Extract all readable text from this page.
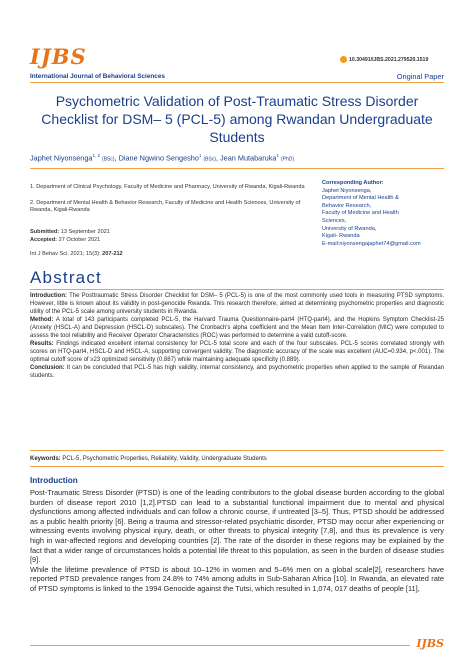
IJBS	10.30491/IJBS.2021.279520.1519
International Journal of Behavioral Sciences	Original Paper
Psychometric Validation of Post-Traumatic Stress Disorder Checklist for DSM– 5 (PCL-5) among Rwandan Undergraduate Students
Japhet Niyonsenga$^{1, 2}$ (BSc), Diane Ngwino Sengesho$^1$ (BSc), Jean Mutabaruka$^1$ (PhD)
1. Department of Clinical Psychology, Faculty of Medicine and Pharmacy, University of Rwanda, Kigali-Rwanda
2. Department of Mental Health & Behavior Research, Faculty of Medicine and Health Sciences, University of Rwanda, Kigali-Rwanda
Submitted: 13 September 2021
Accepted: 27 October 2021
Int J Behav Sci. 2021; 15(3): 207-212
Corresponding Author:
Japhet Niyonsenga,
Department of Mental Health &
Behavior Research,
Faculty of Medicine and Health
Sciences,
University of Rwanda,
Kigali- Rwanda
E-mail:niyonsengajaphet74@gmail.com
Abstract

Introduction: The Posttraumatic Stress Disorder Checklist for DSM– 5 (PCL-5) is one of the most commonly used tools in measuring PTSD symptoms. However, little is known about its validity in post-genocide Rwanda. This research therefore, aimed at determining psychometric properties and diagnostic utility of the PCL-5 scale among university students in Rwanda.

Method: A total of 143 participants completed PCL-5, the Harvard Trauma Questionnaire-part4 (HTQ-part4), and the Hopkins Symptom Checklist-25 (Anxiety (HSCL-A) and Depression (HSCL-D) subscales). The Cronbach's alpha coefficient and the Mean Item Inter-Correlation (MIC) were computed to assess the tool reliability and Receiver Operator Characteristics (ROC) was performed to determine a valid cutoff-score.

Results: Findings indicated excellent internal consistency for PCL-5 total score and each of the four subscales. PCL-5 scores correlated strongly with scores on HTQ-part4, HSCL-D and HSCL-A, supporting convergent validity. The diagnostic accuracy of the scale was excellent (AUC=0.934, p<.001). The optimal cutoff score of ≥23 optimized sensitivity (0.887) while maintaining adequate specificity (0.889).

Conclusion: It can be concluded that PCL-5 has high validity, internal consistency, and psychometric properties when applied to the sample of Rwandan students.

Keywords: PCL-5, Psychometric Properties, Reliability, Validity, Undergraduate Students
Introduction

Post-Traumatic Stress Disorder (PTSD) is one of the leading contributors to the global disease burden according to the global burden of disease report 2010 [1,2].PTSD can lead to a substantial functional impairment due to mental and physical dysfunctions among affected individuals and can follow a chronic course, if untreated [3–5]. Thus, PTSD should be addressed as a public health priority [6]. Being a trauma and stressor-related psychiatric disorder, PTSD may occur after experiencing or witnessing events involving physical injury, death, or other threats to physical integrity [7,8], and thus its prevalence is very high in war-affected regions and developing countries [2]. The rate of the disorder in these regions may be explained by the fact that a wider range of circumstances holds a potential life threat to this population, as seen in the burden of disease studies [9].

While the lifetime prevalence of PTSD is about 10–12% in women and 5–6% men on a global scale[2], researchers have reported PTSD prevalence ranges from 24.8% to 74% among adults in Sub-Saharan Africa [10]. In Rwanda, an elevated rate of PTSD symptoms is linked to the 1994 Genocide against the Tutsi, which resulted in 1,074, 017 deaths of people [11],

IJBS
